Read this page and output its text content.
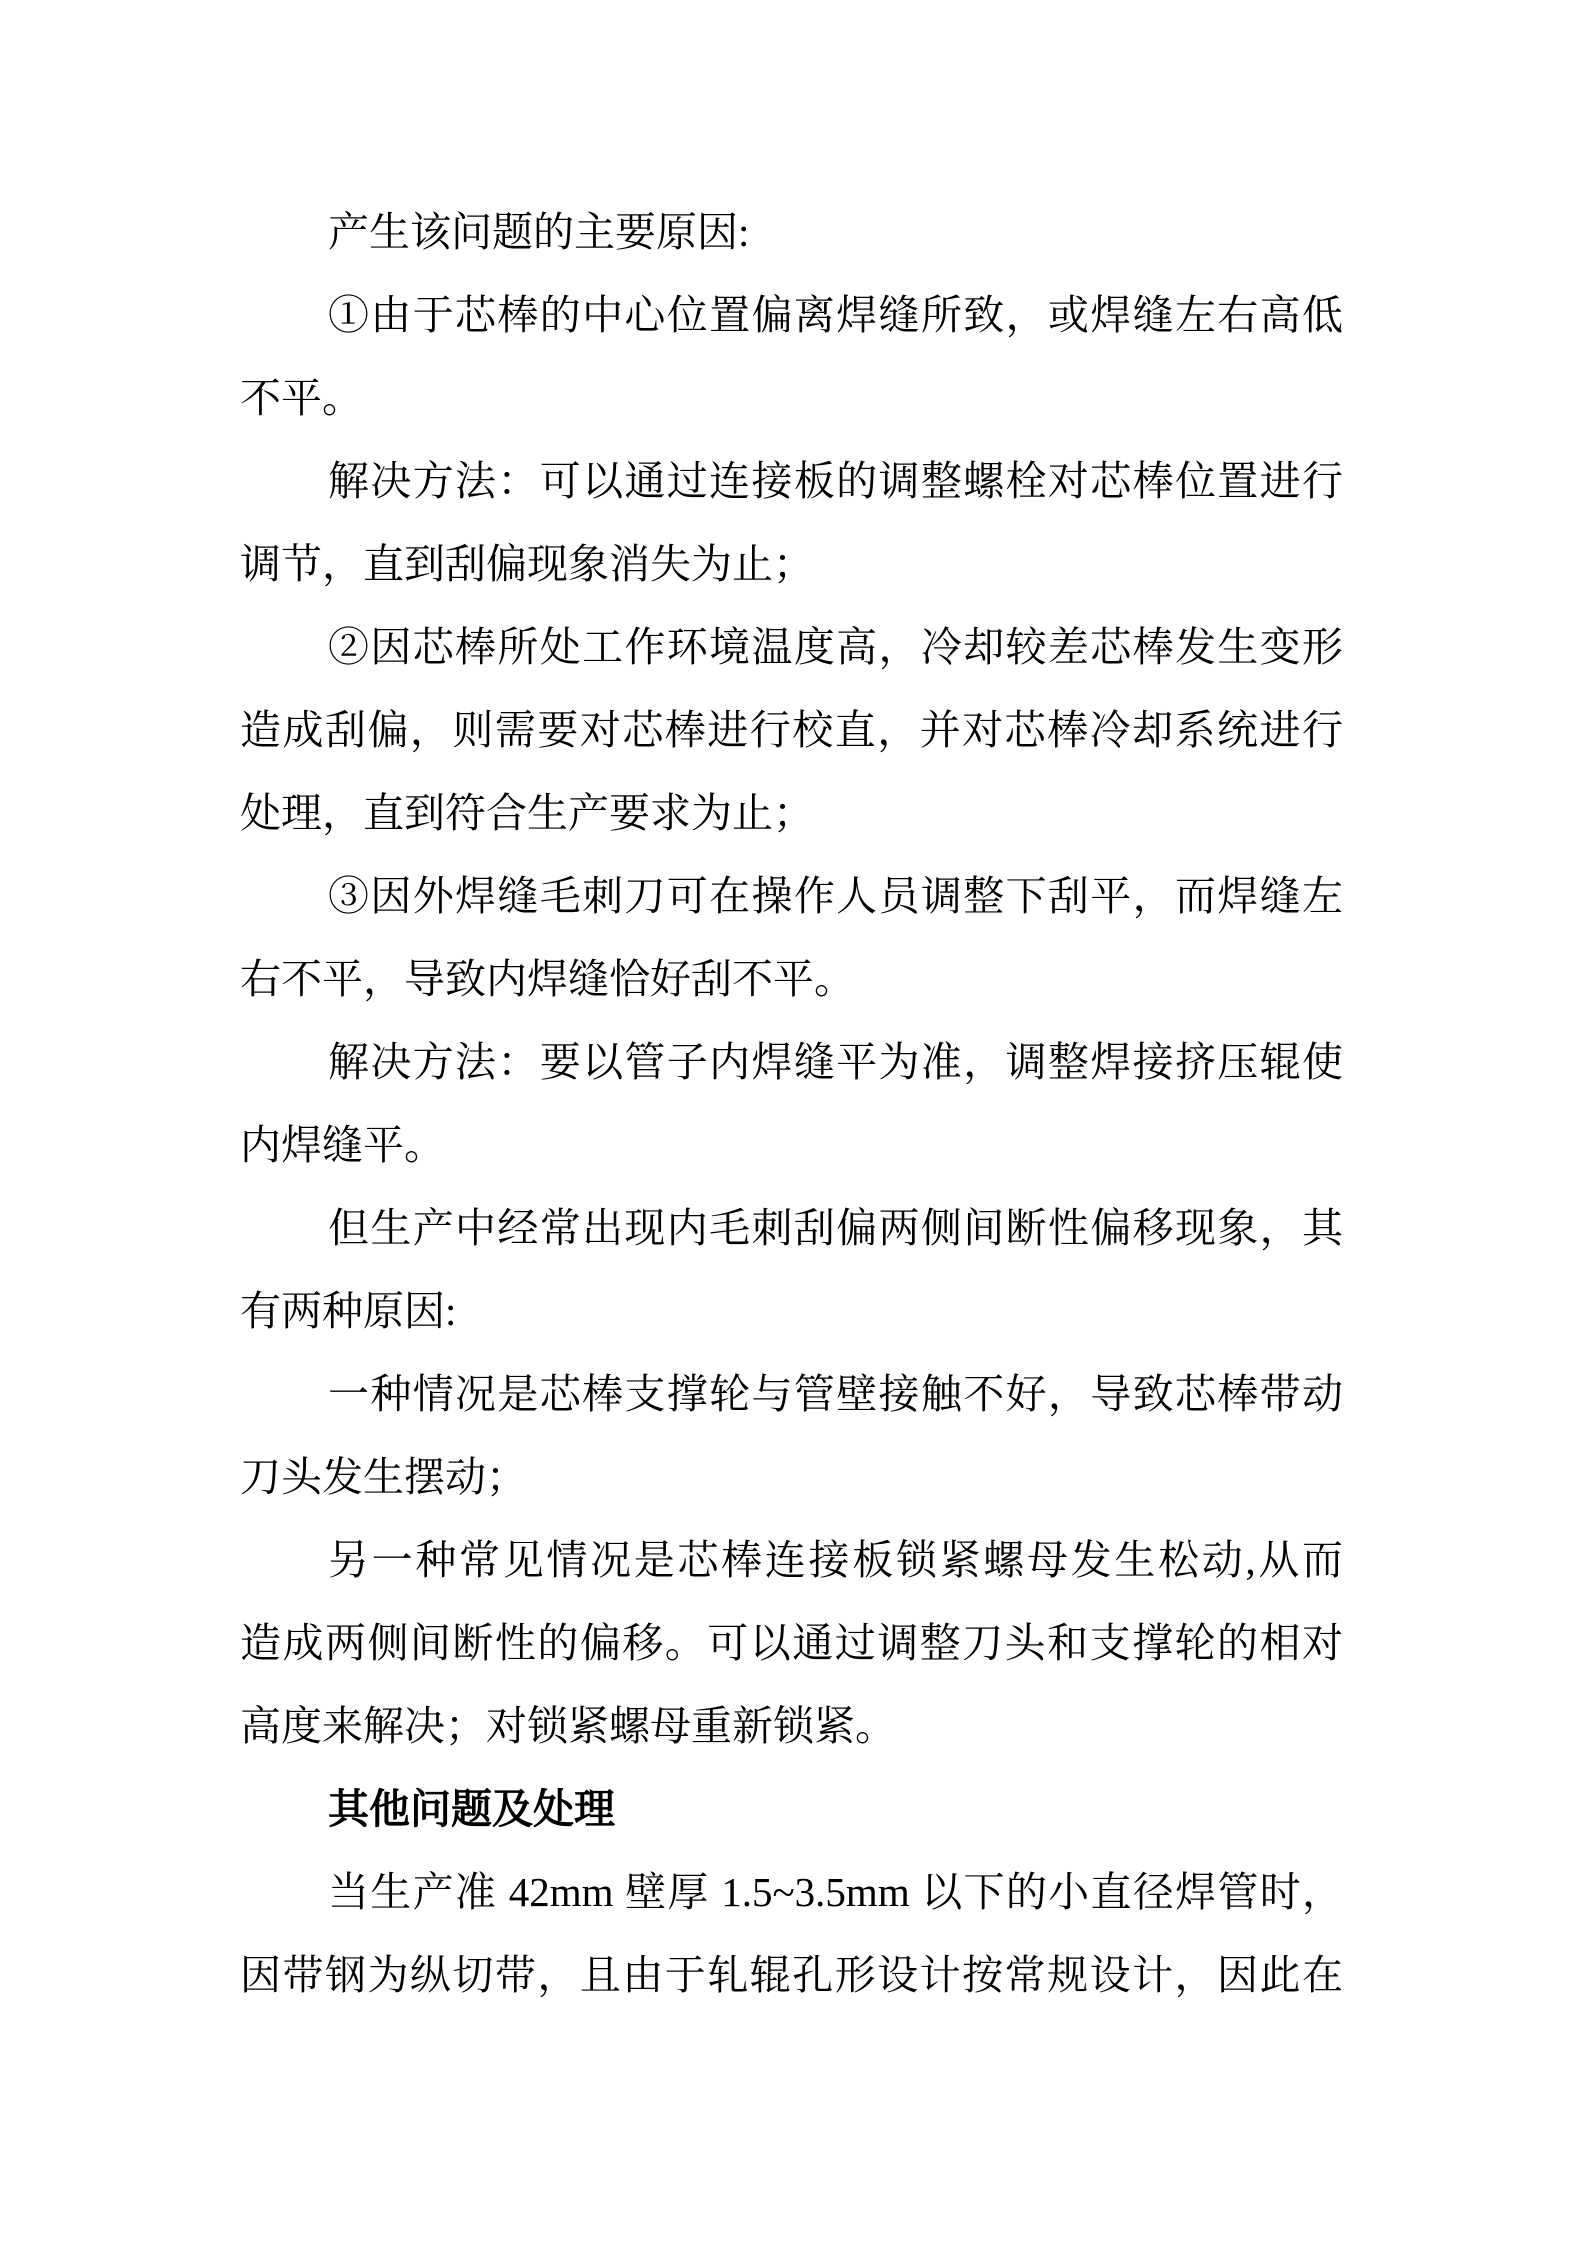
产生该问题的主要原因:
①由于芯棒的中心位置偏离焊缝所致，或焊缝左右高低
不平。
解决方法：可以通过连接板的调整螺栓对芯棒位置进行
调节，直到刮偏现象消失为止；
②因芯棒所处工作环境温度高，冷却较差芯棒发生变形
造成刮偏，则需要对芯棒进行校直，并对芯棒冷却系统进行
处理，直到符合生产要求为止；
③因外焊缝毛刺刀可在操作人员调整下刮平，而焊缝左
右不平，导致内焊缝恰好刮不平。
解决方法：要以管子内焊缝平为准，调整焊接挤压辊使
内焊缝平。
但生产中经常出现内毛刺刮偏两侧间断性偏移现象，其
有两种原因:
一种情况是芯棒支撑轮与管壁接触不好，导致芯棒带动
刀头发生摆动；
另一种常见情况是芯棒连接板锁紧螺母发生松动,从而
造成两侧间断性的偏移。可以通过调整刀头和支撑轮的相对
高度来解决；对锁紧螺母重新锁紧。
其他问题及处理
当生产准 42mm 壁厚 1.5~3.5mm 以下的小直径焊管时，
因带钢为纵切带，且由于轧辊孔形设计按常规设计，因此在
